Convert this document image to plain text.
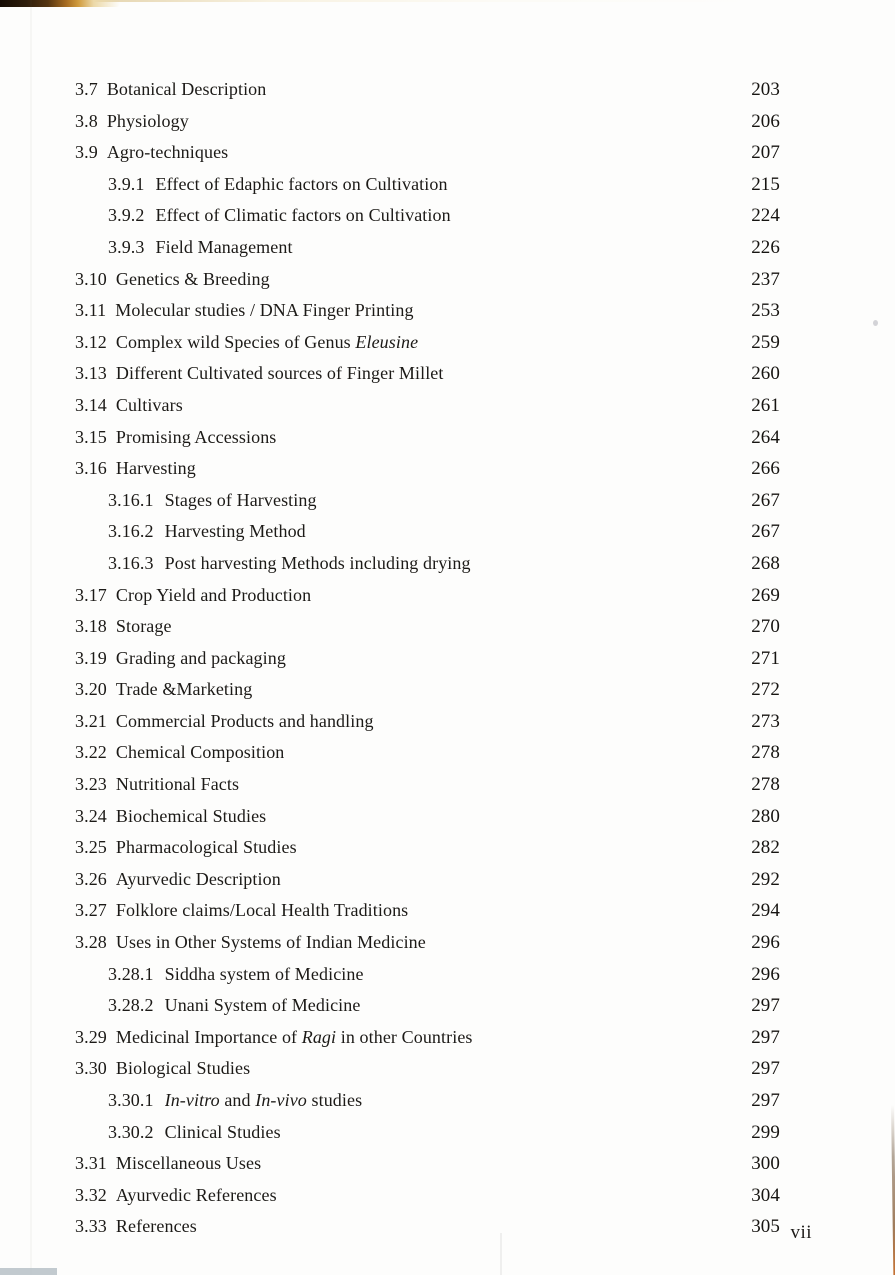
3.7 Botanical Description	203
3.8 Physiology	206
3.9 Agro-techniques	207
3.9.1 Effect of Edaphic factors on Cultivation	215
3.9.2 Effect of Climatic factors on Cultivation	224
3.9.3 Field Management	226
3.10 Genetics & Breeding	237
3.11 Molecular studies / DNA Finger Printing	253
3.12 Complex wild Species of Genus Eleusine	259
3.13 Different Cultivated sources of Finger Millet	260
3.14 Cultivars	261
3.15 Promising Accessions	264
3.16 Harvesting	266
3.16.1 Stages of Harvesting	267
3.16.2 Harvesting Method	267
3.16.3 Post harvesting Methods including drying	268
3.17 Crop Yield and Production	269
3.18 Storage	270
3.19 Grading and packaging	271
3.20 Trade &Marketing	272
3.21 Commercial Products and handling	273
3.22 Chemical Composition	278
3.23 Nutritional Facts	278
3.24 Biochemical Studies	280
3.25 Pharmacological Studies	282
3.26 Ayurvedic Description	292
3.27 Folklore claims/Local Health Traditions	294
3.28 Uses in Other Systems of Indian Medicine	296
3.28.1 Siddha system of Medicine	296
3.28.2 Unani System of Medicine	297
3.29 Medicinal Importance of Ragi in other Countries	297
3.30 Biological Studies	297
3.30.1 In-vitro and In-vivo studies	297
3.30.2 Clinical Studies	299
3.31 Miscellaneous Uses	300
3.32 Ayurvedic References	304
3.33 References	305 vii
